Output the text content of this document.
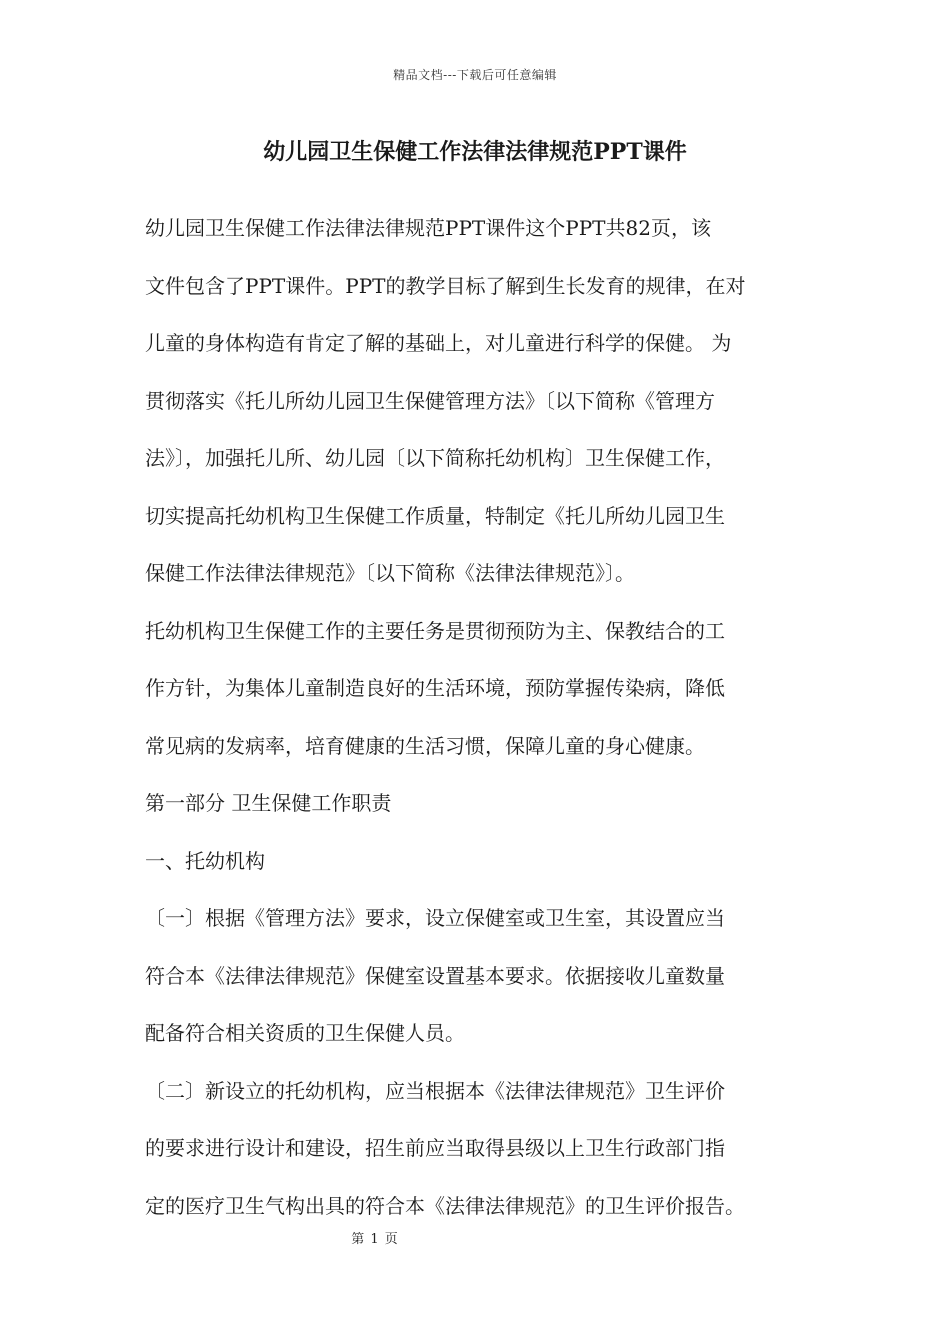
精品文档---下载后可任意编辑
幼儿园卫生保健工作法律法律规范PPT课件
幼儿园卫生保健工作法律法律规范PPT课件这个PPT共82页，该
文件包含了PPT课件。PPT的教学目标了解到生长发育的规律，在对
儿童的身体构造有肯定了解的基础上，对儿童进行科学的保健。 为
贯彻落实《托儿所幼儿园卫生保健管理方法》〔以下简称《管理方
法》〕，加强托儿所、幼儿园〔以下简称托幼机构〕卫生保健工作，
切实提高托幼机构卫生保健工作质量，特制定《托儿所幼儿园卫生
保健工作法律法律规范》〔以下简称《法律法律规范》〕。
托幼机构卫生保健工作的主要任务是贯彻预防为主、保教结合的工
作方针，为集体儿童制造良好的生活环境，预防掌握传染病，降低
常见病的发病率，培育健康的生活习惯，保障儿童的身心健康。
第一部分 卫生保健工作职责
一、托幼机构
〔一〕根据《管理方法》要求，设立保健室或卫生室，其设置应当
符合本《法律法律规范》保健室设置基本要求。依据接收儿童数量
配备符合相关资质的卫生保健人员。
〔二〕新设立的托幼机构，应当根据本《法律法律规范》卫生评价
的要求进行设计和建设，招生前应当取得县级以上卫生行政部门指
定的医疗卫生气构出具的符合本《法律法律规范》的卫生评价报告。
第 1 页
